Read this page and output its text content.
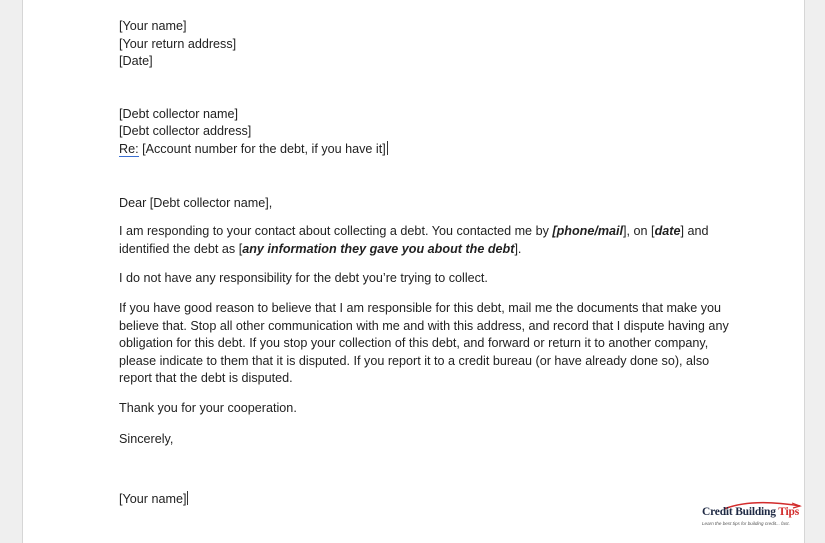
[Your name]
[Your return address]
[Date]
[Debt collector name]
[Debt collector address]
Re: [Account number for the debt, if you have it]

Dear [Debt collector name],

I am responding to your contact about collecting a debt. You contacted me by [phone/mail], on [date] and identified the debt as [any information they gave you about the debt].

I do not have any responsibility for the debt you’re trying to collect.

If you have good reason to believe that I am responsible for this debt, mail me the documents that make you believe that. Stop all other communication with me and with this address, and record that I dispute having any obligation for this debt. If you stop your collection of this debt, and forward or return it to another company, please indicate to them that it is disputed. If you report it to a credit bureau (or have already done so), also report that the debt is disputed.

Thank you for your cooperation.

Sincerely,

[Your name]
Credit Building Tips
Learn the best tips for building credit... fast.
